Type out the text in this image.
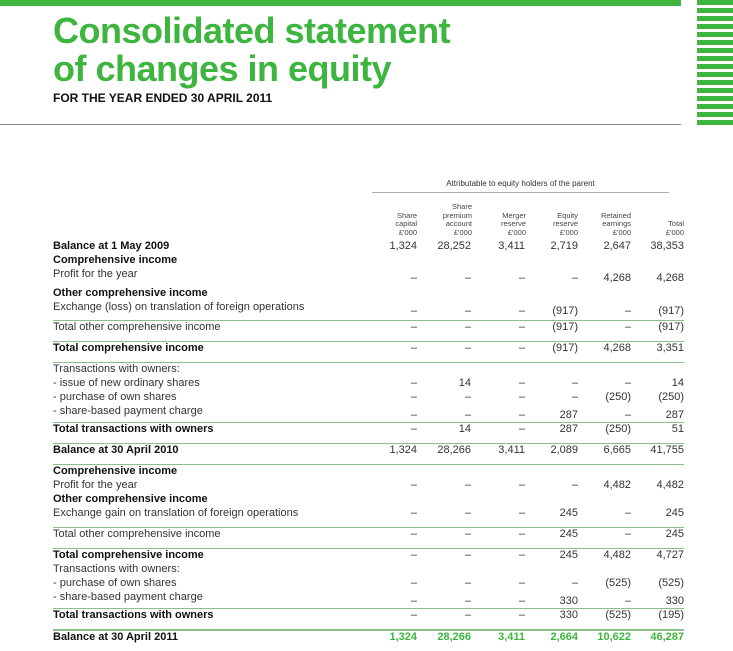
Consolidated statement
of changes in equity
FOR THE YEAR ENDED 30 APRIL 2011
Attributable to equity holders of the parent
Share
capital
£'000
Share
premium
account
£'000
Merger
reserve
£'000
Equity
reserve
£'000
Retained
earnings
£'000
Total
£'000
Balance at 1 May 2009	1,324	28,252	3,411	2,719	2,647	38,353
Comprehensive income
Profit for the year	–	–	–	–	4,268	4,268
Other comprehensive income
Exchange (loss) on translation of foreign operations	–	–	–	(917)	–	(917)
Total other comprehensive income	–	–	–	(917)	–	(917)
Total comprehensive income	–	–	–	(917)	4,268	3,351
Transactions with owners:
- issue of new ordinary shares	–	14	–	–	–	14
- purchase of own shares	–	–	–	–	(250)	(250)
- share-based payment charge	–	–	–	287	–	287
Total transactions with owners	–	14	–	287	(250)	51
Balance at 30 April 2010	1,324	28,266	3,411	2,089	6,665	41,755
Comprehensive income
Profit for the year	–	–	–	–	4,482	4,482
Other comprehensive income
Exchange gain on translation of foreign operations	–	–	–	245	–	245
Total other comprehensive income	–	–	–	245	–	245
Total comprehensive income	–	–	–	245	4,482	4,727
Transactions with owners:
- purchase of own shares	–	–	–	–	(525)	(525)
- share-based payment charge	–	–	–	330	–	330
Total transactions with owners	–	–	–	330	(525)	(195)
Balance at 30 April 2011	1,324	28,266	3,411	2,664	10,622	46,287
